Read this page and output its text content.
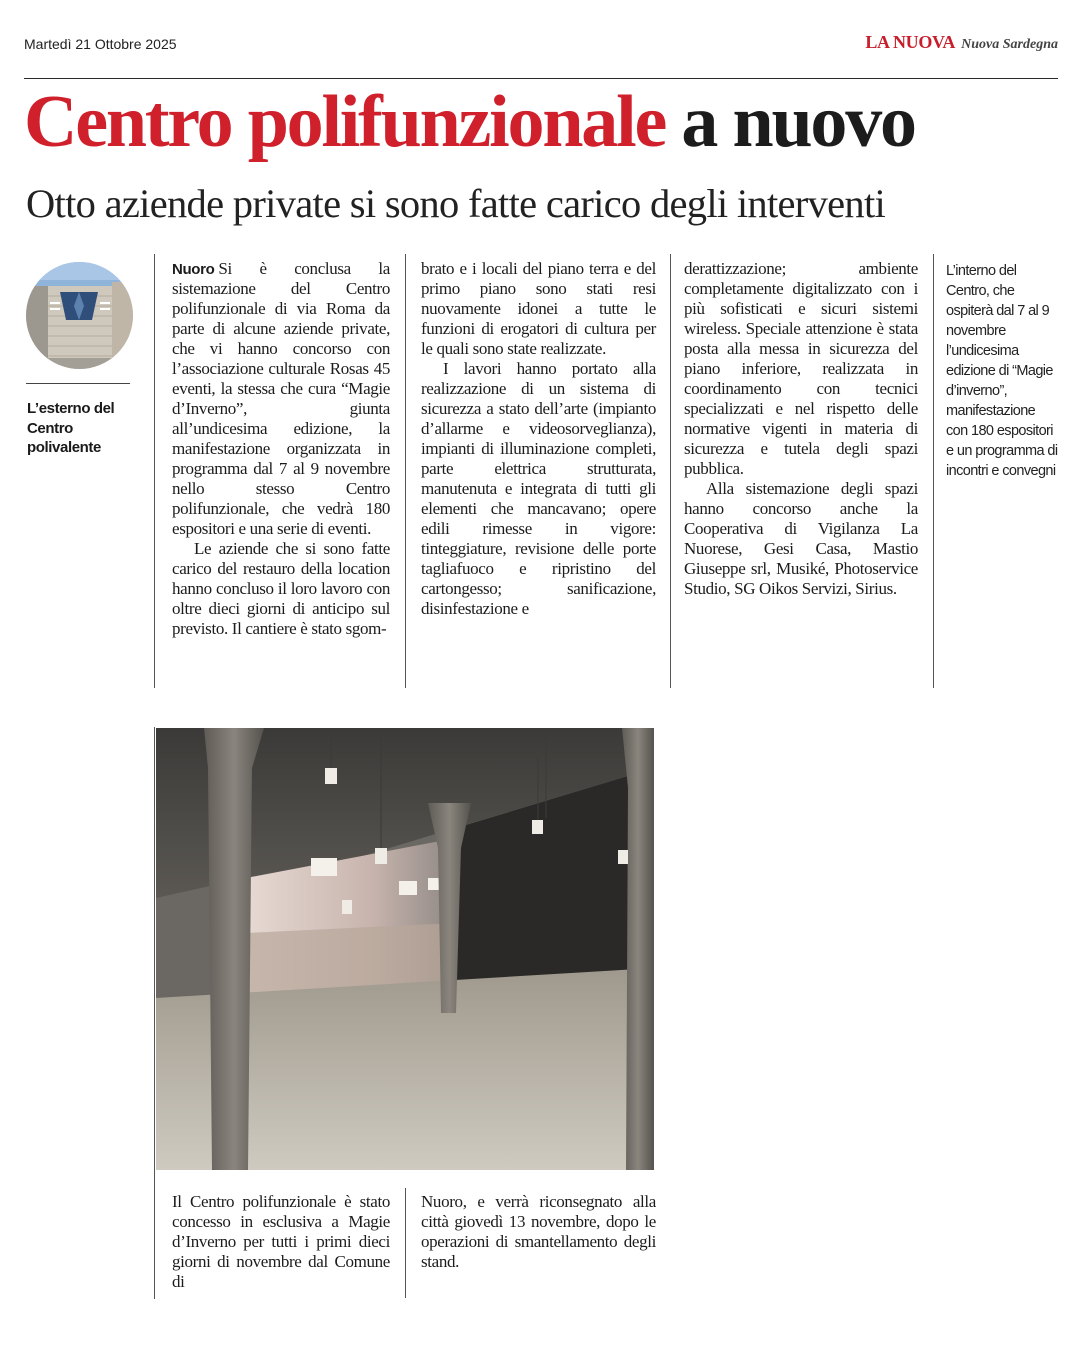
Martedì 21 Ottobre 2025	LA NUOVA Nuova Sardegna
Centro polifunzionale a nuovo
Otto aziende private si sono fatte carico degli interventi
L’esterno del Centro polivalente

Nuoro Si è conclusa la sistemazione del Centro polifunzionale di via Roma da parte di alcune aziende private, che vi hanno concorso con l’associazione culturale Rosas 45 eventi, la stessa che cura “Magie d’Inverno”, giunta all’undicesima edizione, la manifestazione organizzata in programma dal 7 al 9 novembre nello stesso Centro polifunzionale, che vedrà 180 espositori e una serie di eventi.

Le aziende che si sono fatte carico del restauro della location hanno concluso il loro lavoro con oltre dieci giorni di anticipo sul previsto. Il cantiere è stato sgom-

brato e i locali del piano terra e del primo piano sono stati resi nuovamente idonei a tutte le funzioni di erogatori di cultura per le quali sono state realizzate.

I lavori hanno portato alla realizzazione di un sistema di sicurezza a stato dell’arte (impianto d’allarme e videosorveglianza), impianti di illuminazione completi, parte elettrica strutturata, manutenuta e integrata di tutti gli elementi che mancavano; opere edili rimesse in vigore: tinteggiature, revisione delle porte tagliafuoco e ripristino del cartongesso; sanificazione, disinfestazione e

derattizzazione; ambiente completamente digitalizzato con i più sofisticati e sicuri sistemi wireless. Speciale attenzione è stata posta alla messa in sicurezza del piano inferiore, realizzata in coordinamento con tecnici specializzati e nel rispetto delle normative vigenti in materia di sicurezza e tutela degli spazi pubblica.

Alla sistemazione degli spazi hanno concorso anche la Cooperativa di Vigilanza La Nuorese, Gesi Casa, Mastio Giuseppe srl, Musiké, Photoservice Studio, SG Oikos Servizi, Sirius.

L’interno del Centro, che ospiterà dal 7 al 9 novembre l’undicesima edizione di “Magie d’inverno”, manifestazione con 180 espositori e un programma di incontri e convegni

Il Centro polifunzionale è stato concesso in esclusiva a Magie d’Inverno per tutti i primi dieci giorni di novembre dal Comune di

Nuoro, e verrà riconsegnato alla città giovedì 13 novembre, dopo le operazioni di smantellamento degli stand.
